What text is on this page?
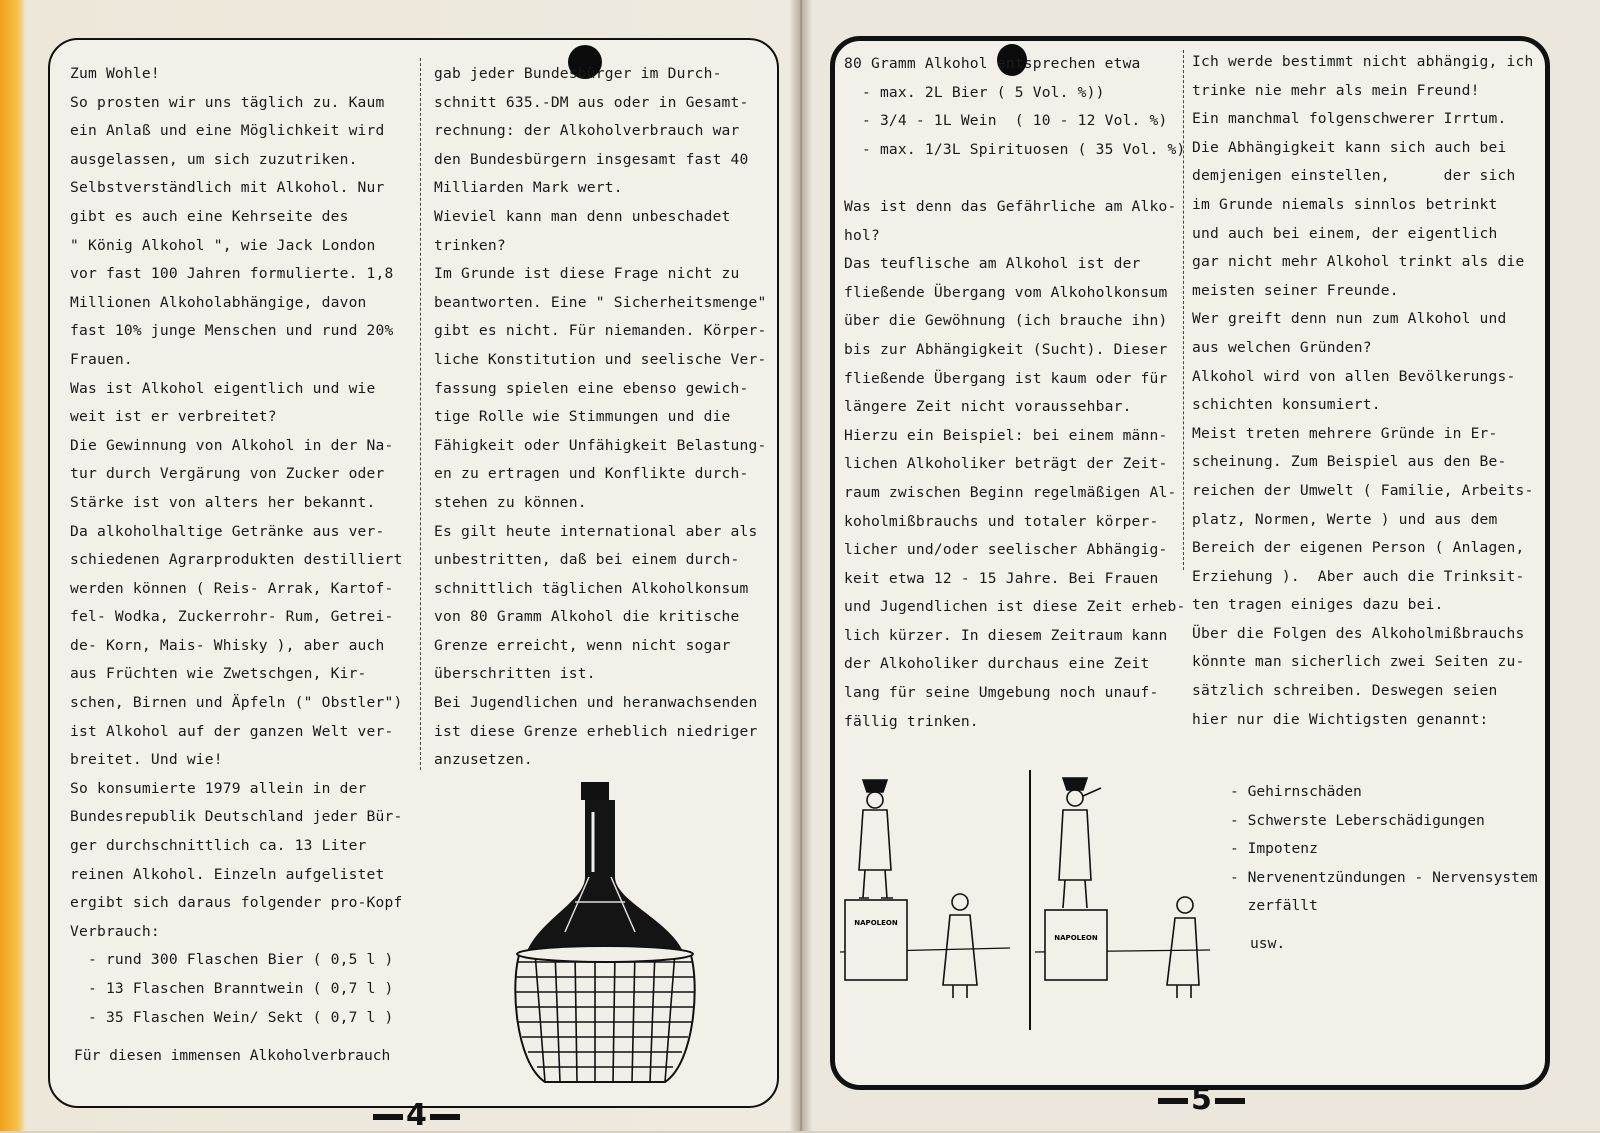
Zum Wohle!
So prosten wir uns täglich zu. Kaum
ein Anlaß und eine Möglichkeit wird
ausgelassen, um sich zuzutriken.
Selbstverständlich mit Alkohol. Nur
gibt es auch eine Kehrseite des
" König Alkohol ", wie Jack London
vor fast 100 Jahren formulierte. 1,8
Millionen Alkoholabhängige, davon
fast 10% junge Menschen und rund 20%
Frauen.
Was ist Alkohol eigentlich und wie
weit ist er verbreitet?
Die Gewinnung von Alkohol in der Na-
tur durch Vergärung von Zucker oder
Stärke ist von alters her bekannt.
Da alkoholhaltige Getränke aus ver-
schiedenen Agrarprodukten destilliert
werden können ( Reis- Arrak, Kartof-
fel- Wodka, Zuckerrohr- Rum, Getrei-
de- Korn, Mais- Whisky ), aber auch
aus Früchten wie Zwetschgen, Kir-
schen, Birnen und Äpfeln (" Obstler")
ist Alkohol auf der ganzen Welt ver-
breitet. Und wie!
So konsumierte 1979 allein in der
Bundesrepublik Deutschland jeder Bür-
ger durchschnittlich ca. 13 Liter
reinen Alkohol. Einzeln aufgelistet
ergibt sich daraus folgender pro-Kopf
Verbrauch:
- rund 300 Flaschen Bier ( 0,5 l )
- 13 Flaschen Branntwein ( 0,7 l )
- 35 Flaschen Wein/ Sekt ( 0,7 l )
gab jeder Bundesbürger im Durch-
schnitt 635.-DM aus oder in Gesamt-
rechnung: der Alkoholverbrauch war
den Bundesbürgern insgesamt fast 40
Milliarden Mark wert.
Wieviel kann man denn unbeschadet
trinken?
Im Grunde ist diese Frage nicht zu
beantworten. Eine " Sicherheitsmenge"
gibt es nicht. Für niemanden. Körper-
liche Konstitution und seelische Ver-
fassung spielen eine ebenso gewich-
tige Rolle wie Stimmungen und die
Fähigkeit oder Unfähigkeit Belastung-
en zu ertragen und Konflikte durch-
stehen zu können.
Es gilt heute international aber als
unbestritten, daß bei einem durch-
schnittlich täglichen Alkoholkonsum
von 80 Gramm Alkohol die kritische
Grenze erreicht, wenn nicht sogar
überschritten ist.
Bei Jugendlichen und heranwachsenden
ist diese Grenze erheblich niedriger
anzusetzen.
Für diesen immensen Alkoholverbrauch
80 Gramm Alkohol entsprechen etwa
- max. 2L Bier ( 5 Vol. %))
- 3/4 - 1L Wein  ( 10 - 12 Vol. %)
- max. 1/3L Spirituosen ( 35 Vol. %)
Was ist denn das Gefährliche am Alko-
hol?
Das teuflische am Alkohol ist der
fließende Übergang vom Alkoholkonsum
über die Gewöhnung (ich brauche ihn)
bis zur Abhängigkeit (Sucht). Dieser
fließende Übergang ist kaum oder für
längere Zeit nicht voraussehbar.
Hierzu ein Beispiel: bei einem männ-
lichen Alkoholiker beträgt der Zeit-
raum zwischen Beginn regelmäßigen Al-
koholmißbrauchs und totaler körper-
licher und/oder seelischer Abhängig-
keit etwa 12 - 15 Jahre. Bei Frauen
und Jugendlichen ist diese Zeit erheb-
lich kürzer. In diesem Zeitraum kann
der Alkoholiker durchaus eine Zeit
lang für seine Umgebung noch unauf-
fällig trinken.
Ich werde bestimmt nicht abhängig, ich
trinke nie mehr als mein Freund!
Ein manchmal folgenschwerer Irrtum.
Die Abhängigkeit kann sich auch bei
demjenigen einstellen,      der sich
im Grunde niemals sinnlos betrinkt
und auch bei einem, der eigentlich
gar nicht mehr Alkohol trinkt als die
meisten seiner Freunde.
Wer greift denn nun zum Alkohol und
aus welchen Gründen?
Alkohol wird von allen Bevölkerungs-
schichten konsumiert.
Meist treten mehrere Gründe in Er-
scheinung. Zum Beispiel aus den Be-
reichen der Umwelt ( Familie, Arbeits-
platz, Normen, Werte ) und aus dem
Bereich der eigenen Person ( Anlagen,
Erziehung ).  Aber auch die Trinksit-
ten tragen einiges dazu bei.
Über die Folgen des Alkoholmißbrauchs
könnte man sicherlich zwei Seiten zu-
sätzlich schreiben. Deswegen seien
hier nur die Wichtigsten genannt:
- Gehirnschäden
- Schwerste Leberschädigungen
- Impotenz
- Nervenentzündungen - Nervensystem
zerfällt
usw.
NAPOLEON
NAPOLEON
4	5
